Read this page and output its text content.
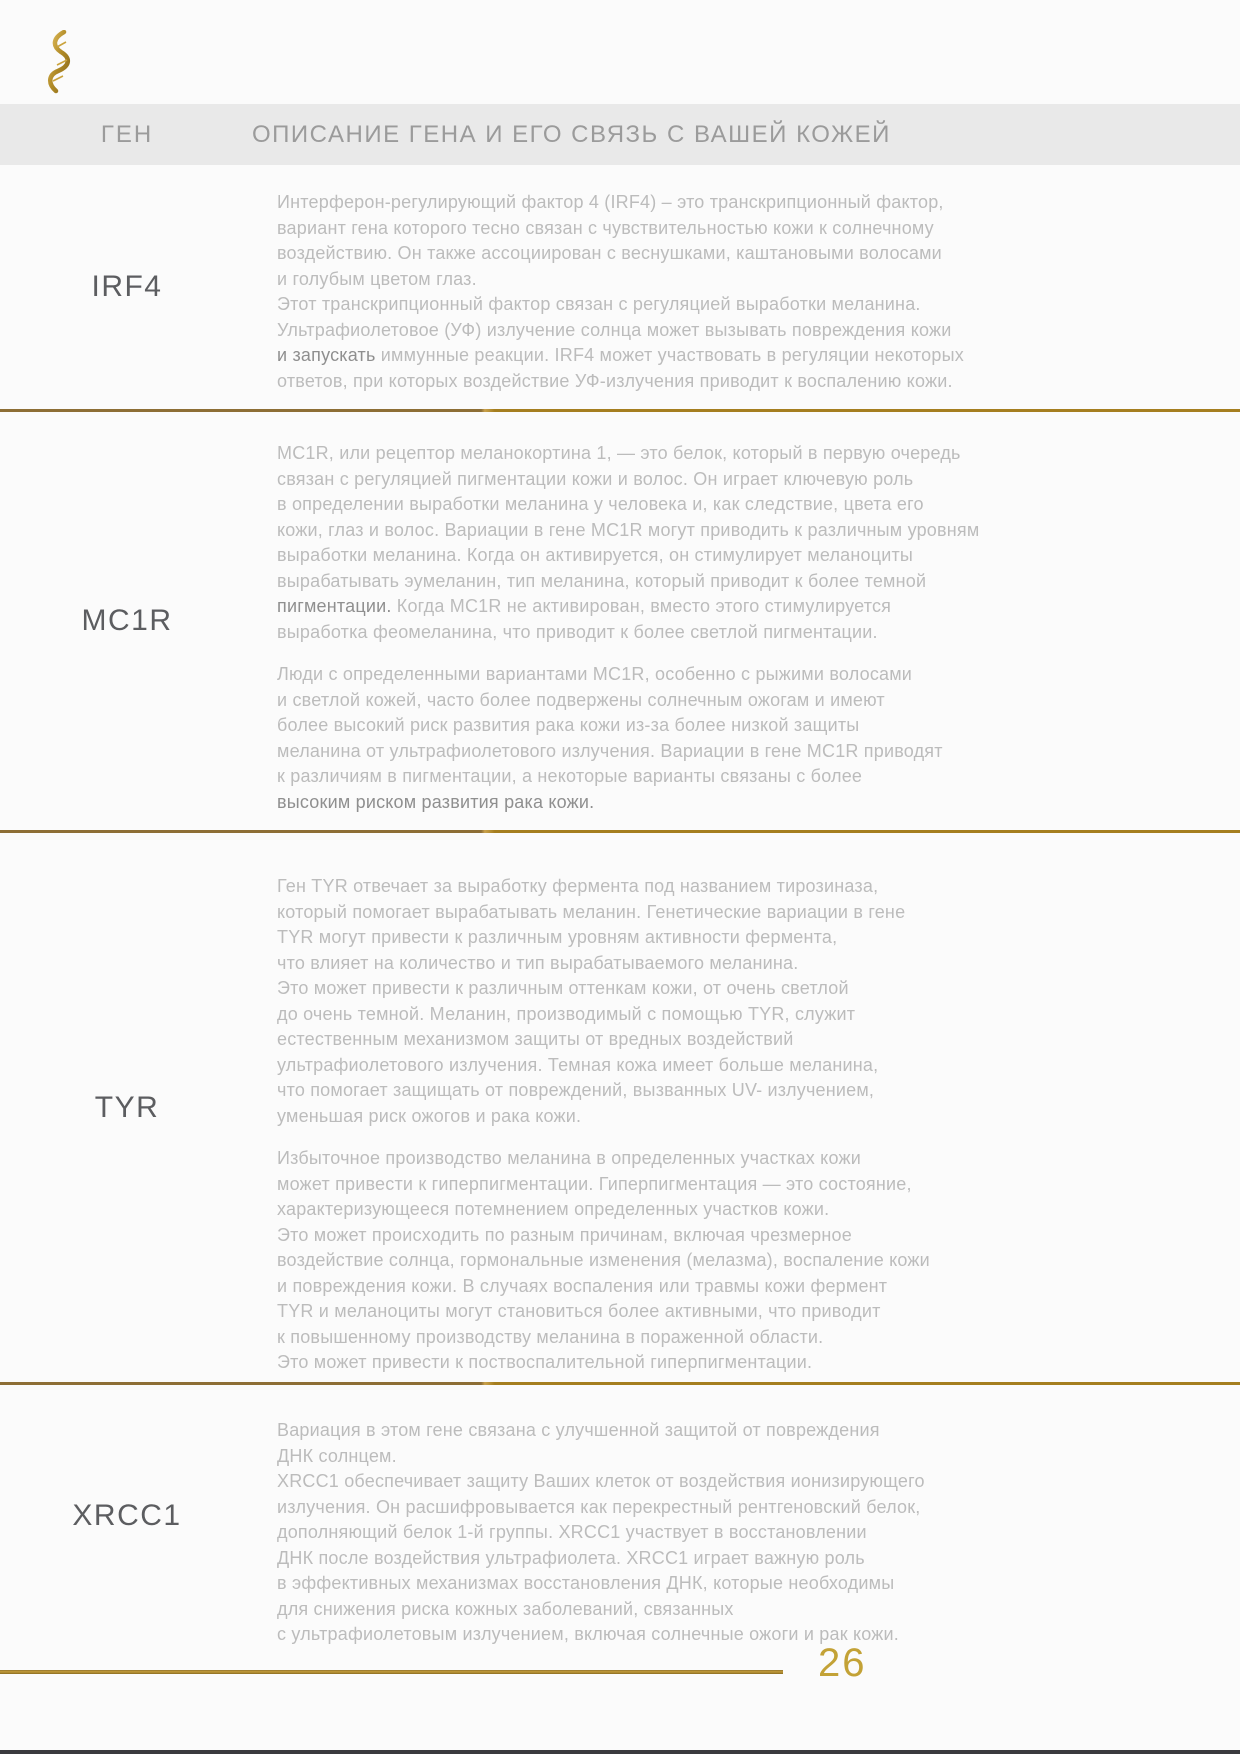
ГЕН	ОПИСАНИЕ ГЕНА И ЕГО СВЯЗЬ С ВАШЕЙ КОЖЕЙ
IRF4
Интерферон-регулирующий фактор 4 (IRF4) – это транскрипционный фактор,
вариант гена которого тесно связан с чувствительностью кожи к солнечному
воздействию. Он также ассоциирован с веснушками, каштановыми волосами
и голубым цветом глаз.
Этот транскрипционный фактор связан с регуляцией выработки меланина.
Ультрафиолетовое (УФ) излучение солнца может вызывать повреждения кожи
и запускать иммунные реакции. IRF4 может участвовать в регуляции некоторых
ответов, при которых воздействие УФ-излучения приводит к воспалению кожи.
MC1R
MC1R, или рецептор меланокортина 1, — это белок, который в первую очередь
связан с регуляцией пигментации кожи и волос. Он играет ключевую роль
в определении выработки меланина у человека и, как следствие, цвета его
кожи, глаз и волос. Вариации в гене MC1R могут приводить к различным уровням
выработки меланина. Когда он активируется, он стимулирует меланоциты
вырабатывать эумеланин, тип меланина, который приводит к более темной
пигментации. Когда MC1R не активирован, вместо этого стимулируется
выработка феомеланина, что приводит к более светлой пигментации.
Люди с определенными вариантами MC1R, особенно с рыжими волосами
и светлой кожей, часто более подвержены солнечным ожогам и имеют
более высокий риск развития рака кожи из-за более низкой защиты
меланина от ультрафиолетового излучения. Вариации в гене MC1R приводят
к различиям в пигментации, а некоторые варианты связаны с более
высоким риском развития рака кожи.
TYR
Ген TYR отвечает за выработку фермента под названием тирозиназа,
который помогает вырабатывать меланин. Генетические вариации в гене
TYR могут привести к различным уровням активности фермента,
что влияет на количество и тип вырабатываемого меланина.
Это может привести к различным оттенкам кожи, от очень светлой
до очень темной. Меланин, производимый с помощью TYR, служит
естественным механизмом защиты от вредных воздействий
ультрафиолетового излучения. Темная кожа имеет больше меланина,
что помогает защищать от повреждений, вызванных UV- излучением,
уменьшая риск ожогов и рака кожи.
Избыточное производство меланина в определенных участках кожи
может привести к гиперпигментации. Гиперпигментация — это состояние,
характеризующееся потемнением определенных участков кожи.
Это может происходить по разным причинам, включая чрезмерное
воздействие солнца, гормональные изменения (мелазма), воспаление кожи
и повреждения кожи. В случаях воспаления или травмы кожи фермент
TYR и меланоциты могут становиться более активными, что приводит
к повышенному производству меланина в пораженной области.
Это может привести к поствоспалительной гиперпигментации.
XRCC1
Вариация в этом гене связана с улучшенной защитой от повреждения
ДНК солнцем.
XRCC1 обеспечивает защиту Ваших клеток от воздействия ионизирующего
излучения. Он расшифровывается как перекрестный рентгеновский белок,
дополняющий белок 1-й группы. XRCC1 участвует в восстановлении
ДНК после воздействия ультрафиолета. XRCC1 играет важную роль
в эффективных механизмах восстановления ДНК, которые необходимы
для снижения риска кожных заболеваний, связанных
с ультрафиолетовым излучением, включая солнечные ожоги и рак кожи.
26
